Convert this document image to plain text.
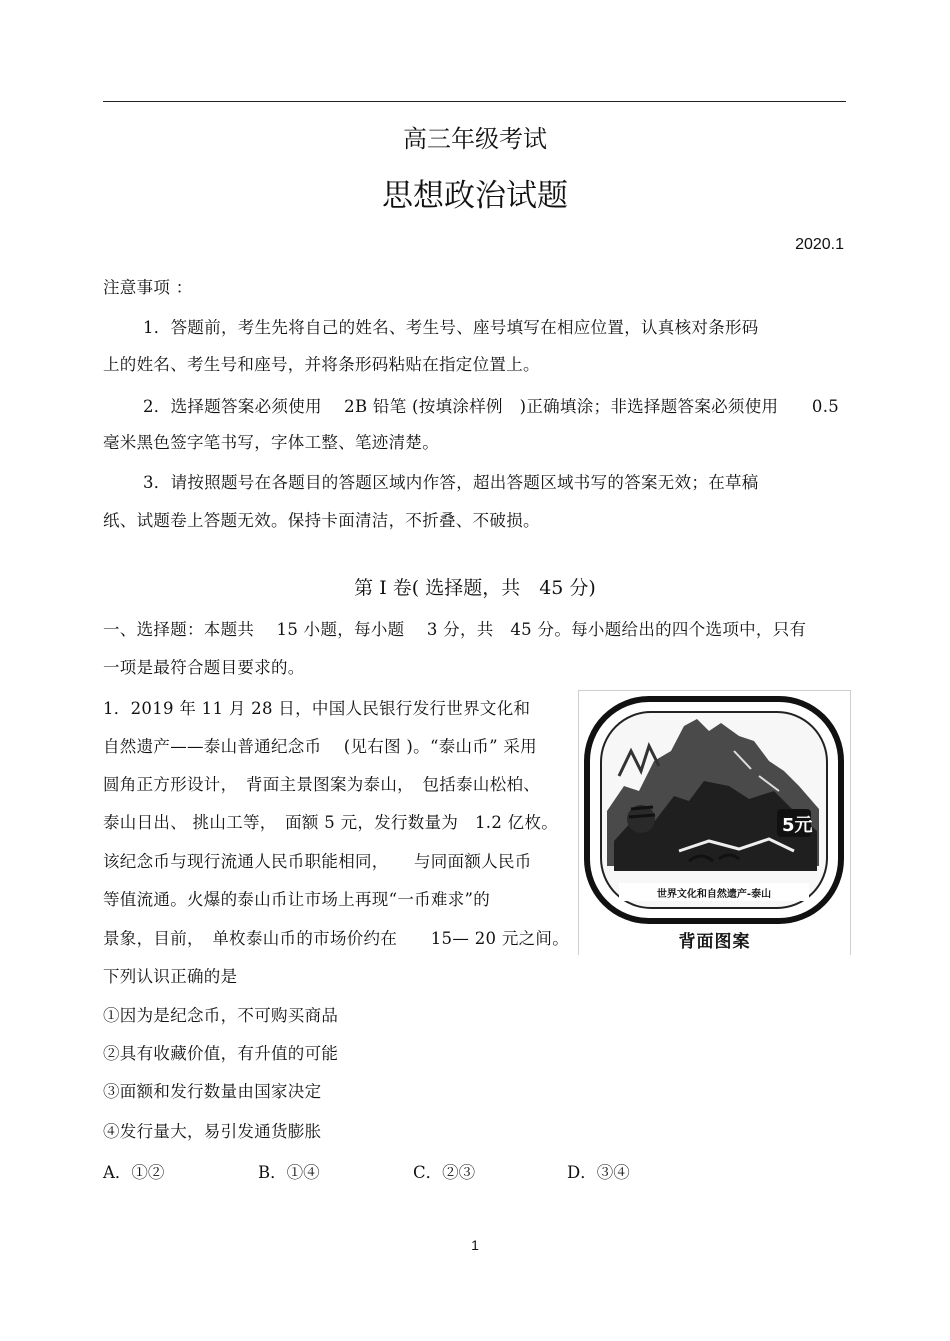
高三年级考试
思想政治试题
2020.1
注意事项 ：
1．答题前，考生先将自己的姓名、考生号、座号填写在相应位置，认真核对条形码
上的姓名、考生号和座号，并将条形码粘贴在指定位置上。
2．选择题答案必须使用　 2B 铅笔 (按填涂样例　)正确填涂；非选择题答案必须使用　　0.5
毫米黑色签字笔书写，字体工整、笔迹清楚。
3．请按照题号在各题目的答题区域内作答，超出答题区域书写的答案无效；在草稿
纸、试题卷上答题无效。保持卡面清洁，不折叠、不破损。
第 I 卷( 选择题，共　45 分)
一、选择题：本题共　 15 小题，每小题　 3 分，共　45 分。每小题给出的四个选项中，只有
一项是最符合题目要求的。
1．2019 年 11 月 28 日，中国人民银行发行世界文化和
自然遗产——泰山普通纪念币　 (见右图 )。“泰山币” 采用
圆角正方形设计，　背面主景图案为泰山，　包括泰山松柏、
泰山日出、 挑山工等，　面额 5 元，发行数量为　1.2 亿枚。
该纪念币与现行流通人民币职能相同，　　与同面额人民币
等值流通。火爆的泰山币让市场上再现“一币难求”的
景象，目前，　单枚泰山币的市场价约在　　15— 20 元之间。
下列认识正确的是
①因为是纪念币，不可购买商品
②具有收藏价值，有升值的可能
③面额和发行数量由国家决定
④发行量大，易引发通货膨胀
A．①②	B．①④	C．②③	D．③④
5元
世界文化和自然遗产-泰山
背面图案
1
